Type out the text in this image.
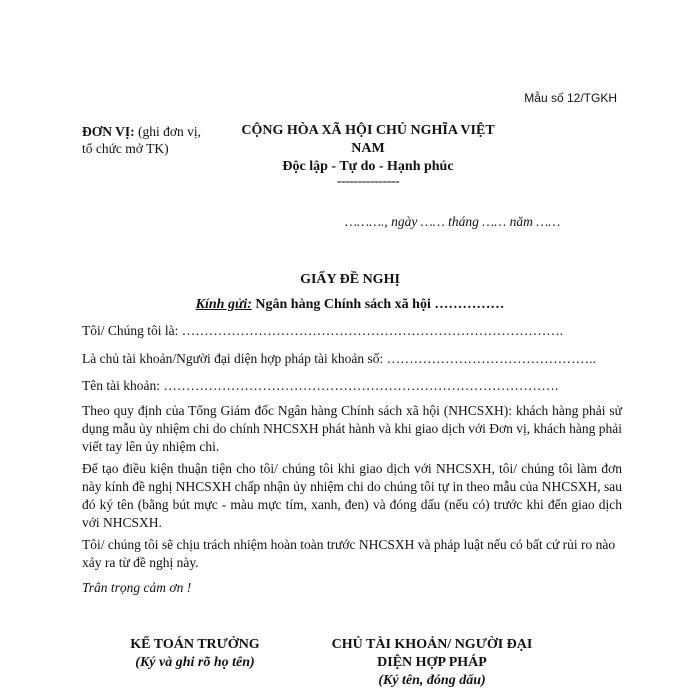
Mẫu số 12/TGKH
ĐƠN VỊ: (ghi đơn vị, tổ chức mở TK)
CỘNG HÒA XÃ HỘI CHỦ NGHĨA VIỆT NAM
Độc lập - Tự do - Hạnh phúc
---------------
………., ngày …… tháng …… năm ……
GIẤY ĐỀ NGHỊ
Kính gửi: Ngân hàng Chính sách xã hội ……………
Tôi/ Chúng tôi là: ………………………………………………………………………….
Là chủ tài khoản/Người đại diện hợp pháp tài khoản số: ………………………………………..
Tên tài khoản: …………………………………………………………………………….
Theo quy định của Tổng Giám đốc Ngân hàng Chính sách xã hội (NHCSXH): khách hàng phải sử dụng mẫu ủy nhiệm chi do chính NHCSXH phát hành và khi giao dịch với Đơn vị, khách hàng phải viết tay lên ủy nhiệm chi.
Để tạo điều kiện thuận tiện cho tôi/ chúng tôi khi giao dịch với NHCSXH, tôi/ chúng tôi làm đơn này kính đề nghị NHCSXH chấp nhận ủy nhiệm chi do chúng tôi tự in theo mẫu của NHCSXH, sau đó ký tên (bằng bút mực - màu mực tím, xanh, đen) và đóng dấu (nếu có) trước khi đến giao dịch với NHCSXH.
Tôi/ chúng tôi sẽ chịu trách nhiệm hoàn toàn trước NHCSXH và pháp luật nếu có bất cứ rủi ro nào xảy ra từ đề nghị này.
Trân trọng cảm ơn !
KẾ TOÁN TRƯỞNG
(Ký và ghi rõ họ tên)
CHỦ TÀI KHOẢN/ NGƯỜI ĐẠI DIỆN HỢP PHÁP
(Ký tên, đóng dấu)
